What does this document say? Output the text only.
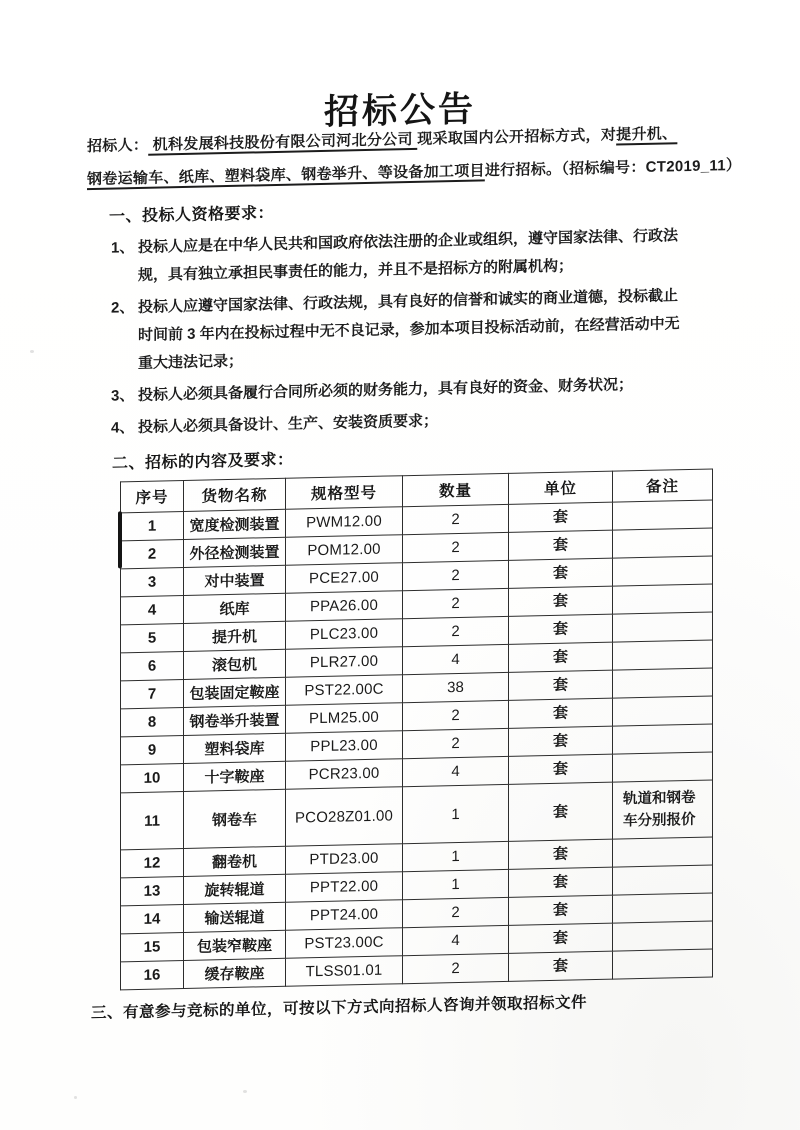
招标公告
招标人： 机科发展科技股份有限公司河北分公司 现采取国内公开招标方式，对提升机、
钢卷运输车、纸库、塑料袋库、钢卷举升、等设备加工项目进行招标。（招标编号：CT2019_11）
一、投标人资格要求：
1、 投标人应是在中华人民共和国政府依法注册的企业或组织，遵守国家法律、行政法规，具有独立承担民事责任的能力，并且不是招标方的附属机构；
2、 投标人应遵守国家法律、行政法规，具有良好的信誉和诚实的商业道德，投标截止时间前 3 年内在投标过程中无不良记录，参加本项目投标活动前，在经营活动中无重大违法记录；
3、 投标人必须具备履行合同所必须的财务能力，具有良好的资金、财务状况；
4、 投标人必须具备设计、生产、安装资质要求；
二、招标的内容及要求：
序号	货物名称	规格型号	数量	单位	备注
1	宽度检测装置	PWM12.00	2	套	
2	外径检测装置	POM12.00	2	套	
3	对中装置	PCE27.00	2	套	
4	纸库	PPA26.00	2	套	
5	提升机	PLC23.00	2	套	
6	滚包机	PLR27.00	4	套	
7	包装固定鞍座	PST22.00C	38	套	
8	钢卷举升装置	PLM25.00	2	套	
9	塑料袋库	PPL23.00	2	套	
10	十字鞍座	PCR23.00	4	套	
11	钢卷车	PCO28Z01.00	1	套	轨道和钢卷车分别报价
12	翻卷机	PTD23.00	1	套	
13	旋转辊道	PPT22.00	1	套	
14	输送辊道	PPT24.00	2	套	
15	包装窄鞍座	PST23.00C	4	套	
16	缓存鞍座	TLSS01.01	2	套	
三、有意参与竞标的单位，可按以下方式向招标人咨询并领取招标文件
